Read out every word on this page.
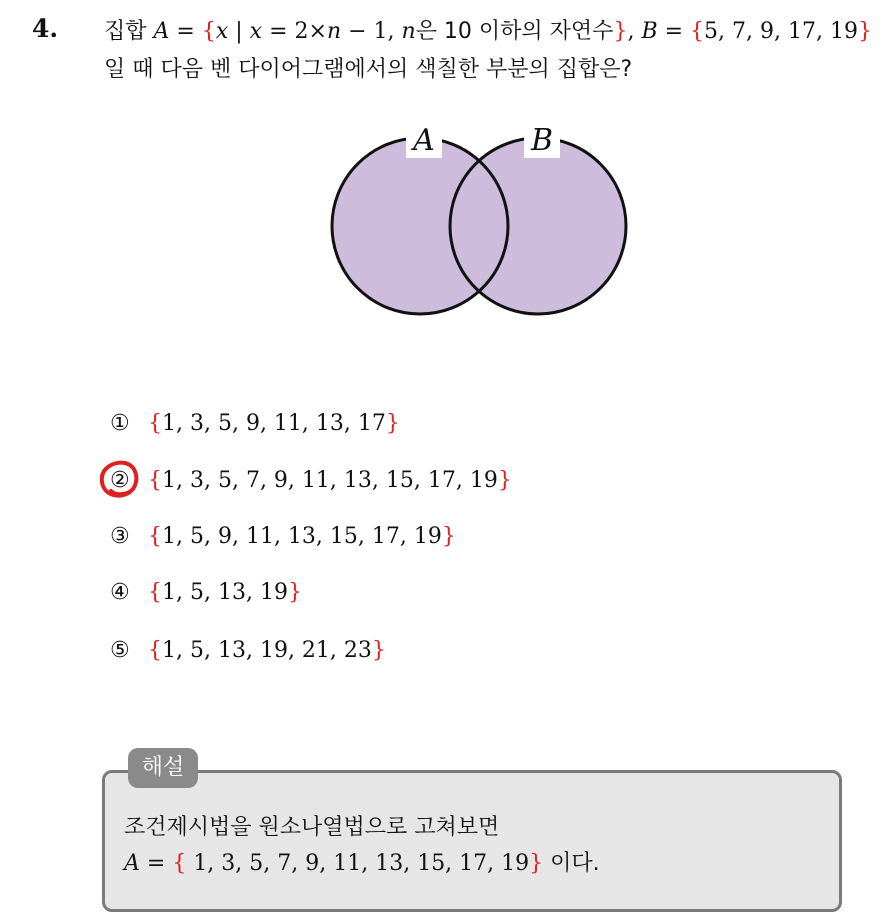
4. 집합 A = {x | x = 2×n − 1, n은 10 이하의 자연수}, B = {5, 7, 9, 17, 19}
일 때 다음 벤 다이어그램에서의 색칠한 부분의 집합은?
A	B
① {1, 3, 5, 9, 11, 13, 17}
② {1, 3, 5, 7, 9, 11, 13, 15, 17, 19}
③ {1, 5, 9, 11, 13, 15, 17, 19}
④ {1, 5, 13, 19}
⑤ {1, 5, 13, 19, 21, 23}
해설
조건제시법을 원소나열법으로 고쳐보면
A = { 1, 3, 5, 7, 9, 11, 13, 15, 17, 19} 이다.
